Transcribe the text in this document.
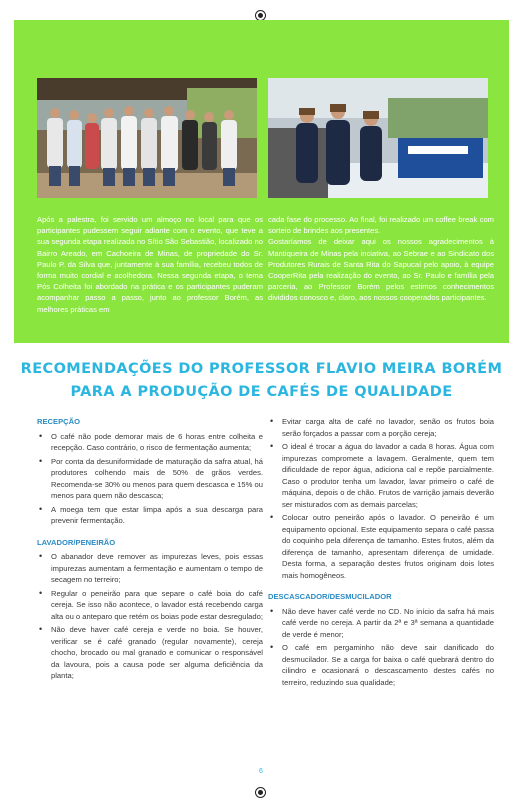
Após a palestra, foi servido um almoço no local para que os participantes pudessem seguir adiante com o evento, que teve a sua segunda etapa realizada no Sítio São Sebastião, localizado no Bairro Areado, em Cachoeira de Minas, de propriedade do Sr. Paulo P. da Silva que, juntamente à sua família, recebeu todos de forma muito cordial e acolhedora. Nessa segunda etapa, o tema Pós Colheita foi abordado na prática e os participantes puderam acompanhar passo a passo, junto ao professor Borém, as melhores práticas em

cada fase do processo. Ao final, foi realizado um coffee break com sorteio de brindes aos presentes.

Gostaríamos de deixar aqui os nossos agradecimentos à Mantiqueira de Minas pela inciativa, ao Sebrae e ao Sindicato dos Produtores Rurais de Santa Rita do Sapucaí pelo apoio, à equipe CooperRita pela realização do evento, ao Sr. Paulo e família pela parceria, ao Professor Borém pelos estimos conhecimentos divididos conosco e, claro, aos nossos cooperados participantes.

RECOMENDAÇÕES DO PROFESSOR FLAVIO MEIRA BORÉM
PARA A PRODUÇÃO DE CAFÉS DE QUALIDADE
RECEPÇÃO
• O café não pode demorar mais de 6 horas entre colheita e recepção. Caso contrário, o risco de fermentação aumenta;
• Por conta da desuniformidade de maturação da safra atual, há produtores colhendo mais de 50% de grãos verdes. Recomenda-se 30% ou menos para quem descasca e 15% ou menos para quem não descasca;
• A moega tem que estar limpa após a sua descarga para prevenir fermentação.
LAVADOR/PENEIRÃO
• O abanador deve remover as impurezas leves, pois essas impurezas aumentam a fermentação e aumentam o tempo de secagem no terreiro;
• Regular o peneirão para que separe o café boia do café cereja. Se isso não acontece, o lavador está recebendo carga alta ou o anteparo que retém os boias pode estar desregulado;
• Não deve haver café cereja e verde no boia. Se houver, verificar se é café granado (regular novamente), cereja chocho, brocado ou mal granado e comunicar o responsável da lavoura, pois a causa pode ser alguma deficiência da planta;
• Evitar carga alta de café no lavador, senão os frutos boia serão forçados a passar com a porção cereja;
• O ideal é trocar a água do lavador a cada 8 horas. Água com impurezas compromete a lavagem. Geralmente, quem tem dificuldade de repor água, adiciona cal e repõe parcialmente. Caso o produtor tenha um lavador, lavar primeiro o café de máquina, depois o de chão. Frutos de varrição jamais deverão ser misturados com as demais parcelas;
• Colocar outro peneirão após o lavador. O peneirão é um equipamento opcional. Este equipamento separa o café passa do coquinho pela diferença de tamanho. Estes frutos, além da diferença de tamanho, apresentam diferença de umidade. Desta forma, a separação destes frutos originam dois lotes mais homogêneos.
DESCASCADOR/DESMUCILADOR
• Não deve haver café verde no CD. No início da safra há mais café verde no cereja. A partir da 2ª e 3ª semana a quantidade de verde é menor;
• O café em pergaminho não deve sair danificado do desmucilador. Se a carga for baixa o café quebrará dentro do cilindro e ocasionará o descascamento destes cafés no terreiro, reduzindo sua qualidade;
6
